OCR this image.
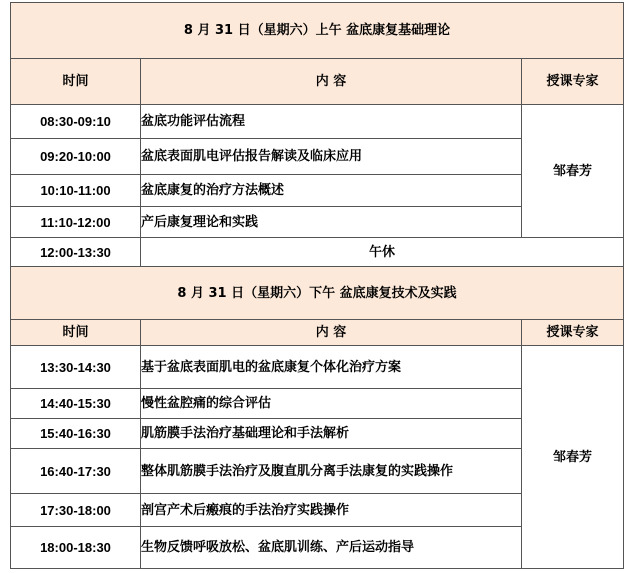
8 月 31 日（星期六）上午 盆底康复基础理论		
时间	内 容	授课专家
08:30-09:10	盆底功能评估流程	邹春芳
09:20-10:00	盆底表面肌电评估报告解读及临床应用	
10:10-11:00	盆底康复的治疗方法概述	
11:10-12:00	产后康复理论和实践	
12:00-13:30	午休	
8 月 31 日（星期六）下午 盆底康复技术及实践		
时间	内 容	授课专家
13:30-14:30	基于盆底表面肌电的盆底康复个体化治疗方案	邹春芳
14:40-15:30	慢性盆腔痛的综合评估	
15:40-16:30	肌筋膜手法治疗基础理论和手法解析	
16:40-17:30	整体肌筋膜手法治疗及腹直肌分离手法康复的实践操作	
17:30-18:00	剖宫产术后瘢痕的手法治疗实践操作	
18:00-18:30	生物反馈呼吸放松、盆底肌训练、产后运动指导	
